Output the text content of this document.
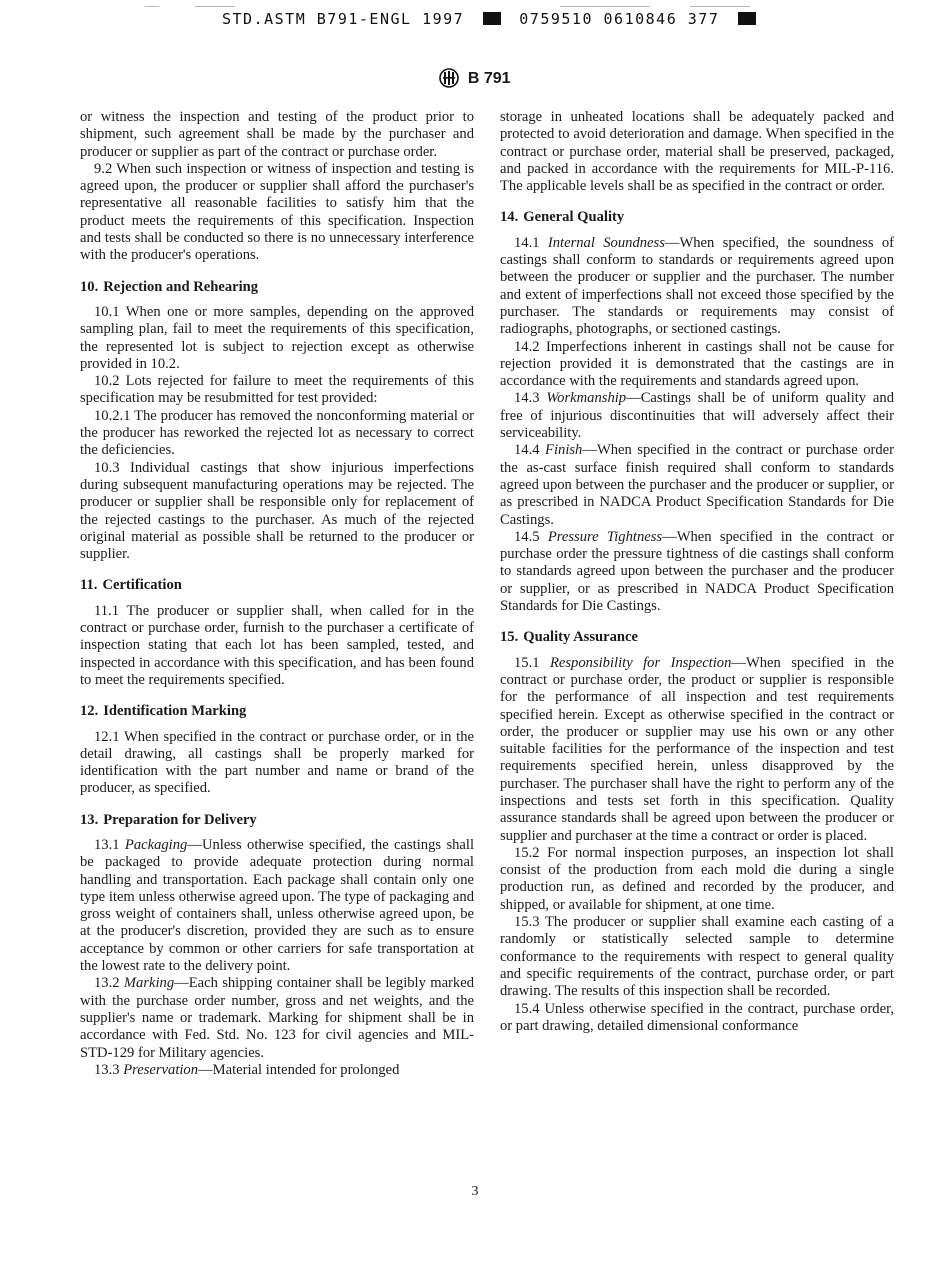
STD.ASTM B791-ENGL 1997	0759510 0610846 377
B 791

or witness the inspection and testing of the product prior to shipment, such agreement shall be made by the purchaser and producer or supplier as part of the contract or purchase order.

9.2 When such inspection or witness of inspection and testing is agreed upon, the producer or supplier shall afford the purchaser's representative all reasonable facilities to satisfy him that the product meets the requirements of this specification. Inspection and tests shall be conducted so there is no unnecessary interference with the producer's operations.

10. Rejection and Rehearing

10.1 When one or more samples, depending on the approved sampling plan, fail to meet the requirements of this specification, the represented lot is subject to rejection except as otherwise provided in 10.2.

10.2 Lots rejected for failure to meet the requirements of this specification may be resubmitted for test provided:

10.2.1 The producer has removed the nonconforming material or the producer has reworked the rejected lot as necessary to correct the deficiencies.

10.3 Individual castings that show injurious imperfections during subsequent manufacturing operations may be rejected. The producer or supplier shall be responsible only for replacement of the rejected castings to the purchaser. As much of the rejected original material as possible shall be returned to the producer or supplier.

11. Certification

11.1 The producer or supplier shall, when called for in the contract or purchase order, furnish to the purchaser a certificate of inspection stating that each lot has been sampled, tested, and inspected in accordance with this specification, and has been found to meet the requirements specified.

12. Identification Marking

12.1 When specified in the contract or purchase order, or in the detail drawing, all castings shall be properly marked for identification with the part number and name or brand of the producer, as specified.

13. Preparation for Delivery

13.1 Packaging—Unless otherwise specified, the castings shall be packaged to provide adequate protection during normal handling and transportation. Each package shall contain only one type item unless otherwise agreed upon. The type of packaging and gross weight of containers shall, unless otherwise agreed upon, be at the producer's discretion, provided they are such as to ensure acceptance by common or other carriers for safe transportation at the lowest rate to the delivery point.

13.2 Marking—Each shipping container shall be legibly marked with the purchase order number, gross and net weights, and the supplier's name or trademark. Marking for shipment shall be in accordance with Fed. Std. No. 123 for civil agencies and MIL-STD-129 for Military agencies.

13.3 Preservation—Material intended for prolonged

storage in unheated locations shall be adequately packed and protected to avoid deterioration and damage. When specified in the contract or purchase order, material shall be preserved, packaged, and packed in accordance with the requirements for MIL-P-116. The applicable levels shall be as specified in the contract or order.

14. General Quality

14.1 Internal Soundness—When specified, the soundness of castings shall conform to standards or requirements agreed upon between the producer or supplier and the purchaser. The number and extent of imperfections shall not exceed those specified by the purchaser. The standards or requirements may consist of radiographs, photographs, or sectioned castings.

14.2 Imperfections inherent in castings shall not be cause for rejection provided it is demonstrated that the castings are in accordance with the requirements and standards agreed upon.

14.3 Workmanship—Castings shall be of uniform quality and free of injurious discontinuities that will adversely affect their serviceability.

14.4 Finish—When specified in the contract or purchase order the as-cast surface finish required shall conform to standards agreed upon between the purchaser and the producer or supplier, or as prescribed in NADCA Product Specification Standards for Die Castings.

14.5 Pressure Tightness—When specified in the contract or purchase order the pressure tightness of die castings shall conform to standards agreed upon between the purchaser and the producer or supplier, or as prescribed in NADCA Product Specification Standards for Die Castings.

15. Quality Assurance

15.1 Responsibility for Inspection—When specified in the contract or purchase order, the product or supplier is responsible for the performance of all inspection and test requirements specified herein. Except as otherwise specified in the contract or order, the producer or supplier may use his own or any other suitable facilities for the performance of the inspection and test requirements specified herein, unless disapproved by the purchaser. The purchaser shall have the right to perform any of the inspections and tests set forth in this specification. Quality assurance standards shall be agreed upon between the producer or supplier and purchaser at the time a contract or order is placed.

15.2 For normal inspection purposes, an inspection lot shall consist of the production from each mold die during a single production run, as defined and recorded by the producer, and shipped, or available for shipment, at one time.

15.3 The producer or supplier shall examine each casting of a randomly or statistically selected sample to determine conformance to the requirements with respect to general quality and specific requirements of the contract, purchase order, or part drawing. The results of this inspection shall be recorded.

15.4 Unless otherwise specified in the contract, purchase order, or part drawing, detailed dimensional conformance

3
